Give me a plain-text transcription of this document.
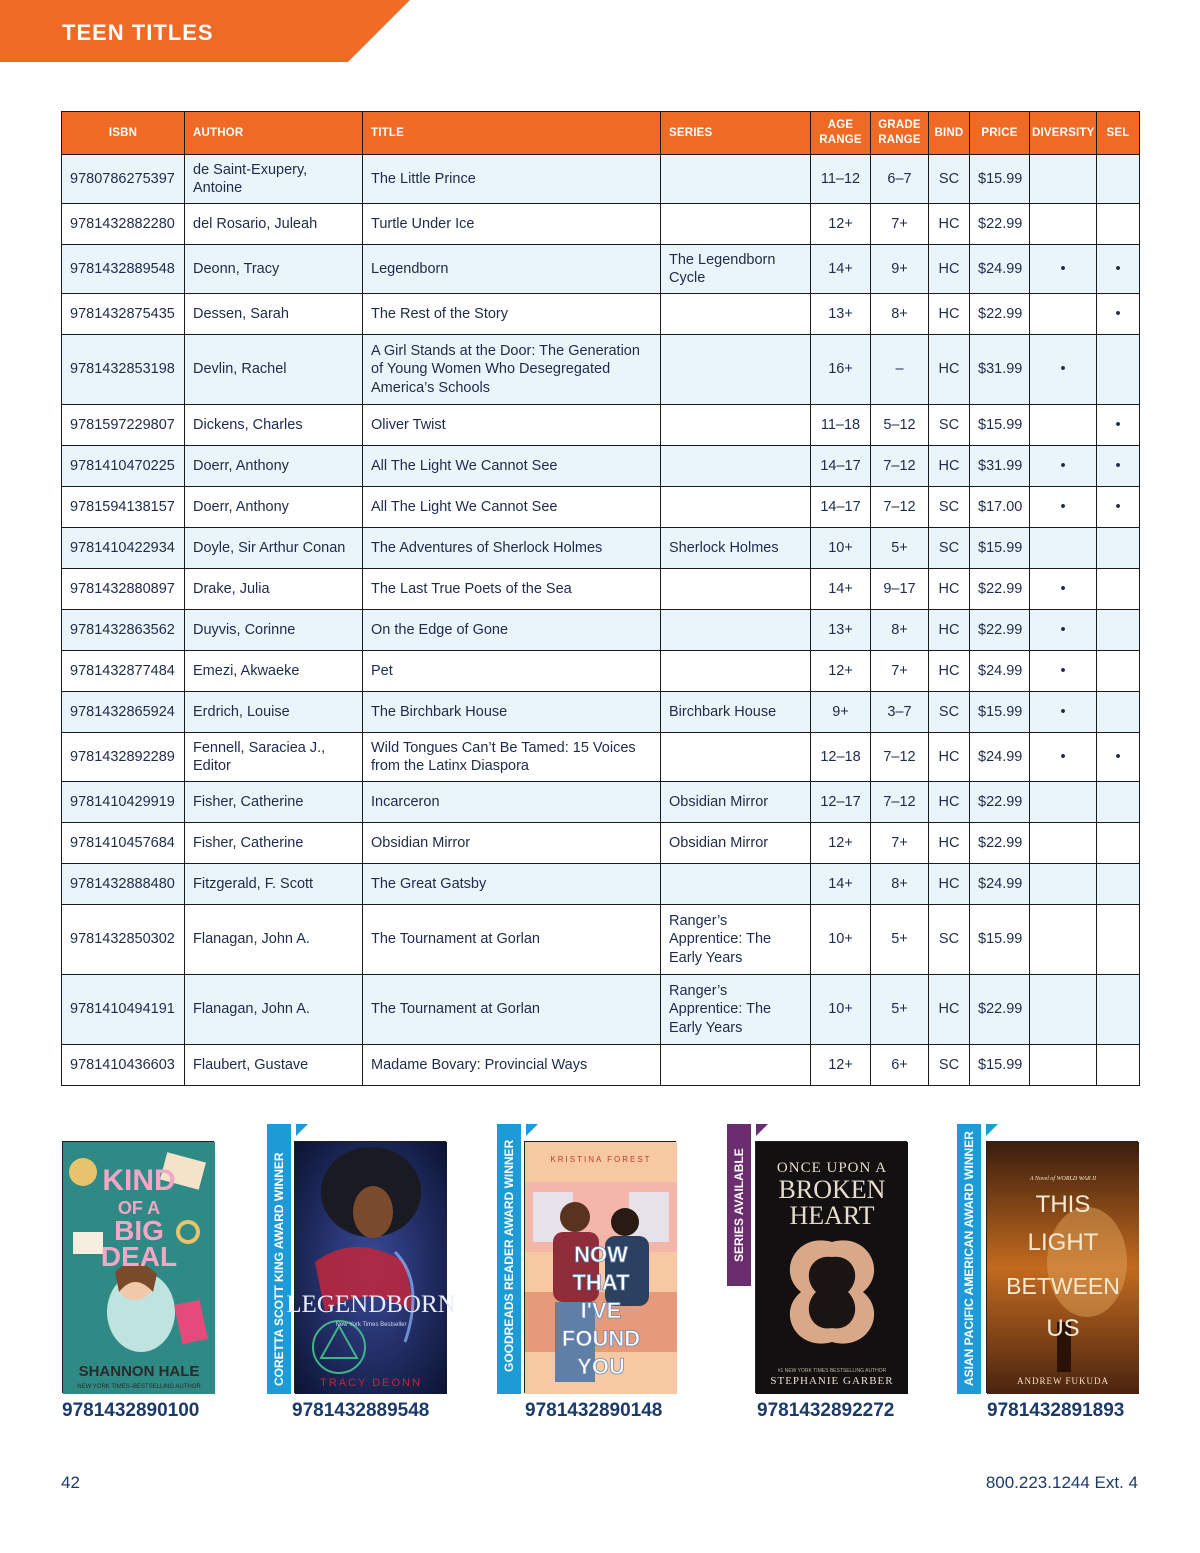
TEEN TITLES
ISBN	AUTHOR	TITLE	SERIES	AGE RANGE	GRADE RANGE	BIND	PRICE	DIVERSITY	SEL
9780786275397	de Saint-Exupery, Antoine	The Little Prince		11–12	6–7	SC	$15.99		
9781432882280	del Rosario, Juleah	Turtle Under Ice		12+	7+	HC	$22.99		
9781432889548	Deonn, Tracy	Legendborn	The Legendborn Cycle	14+	9+	HC	$24.99	•	•
9781432875435	Dessen, Sarah	The Rest of the Story		13+	8+	HC	$22.99		•
9781432853198	Devlin, Rachel	A Girl Stands at the Door: The Generation of Young Women Who Desegregated America’s Schools		16+	–	HC	$31.99	•	
9781597229807	Dickens, Charles	Oliver Twist		11–18	5–12	SC	$15.99		•
9781410470225	Doerr, Anthony	All The Light We Cannot See		14–17	7–12	HC	$31.99	•	•
9781594138157	Doerr, Anthony	All The Light We Cannot See		14–17	7–12	SC	$17.00	•	•
9781410422934	Doyle, Sir Arthur Conan	The Adventures of Sherlock Holmes	Sherlock Holmes	10+	5+	SC	$15.99		
9781432880897	Drake, Julia	The Last True Poets of the Sea		14+	9–17	HC	$22.99	•	
9781432863562	Duyvis, Corinne	On the Edge of Gone		13+	8+	HC	$22.99	•	
9781432877484	Emezi, Akwaeke	Pet		12+	7+	HC	$24.99	•	
9781432865924	Erdrich, Louise	The Birchbark House	Birchbark House	9+	3–7	SC	$15.99	•	
9781432892289	Fennell, Saraciea J., Editor	Wild Tongues Can’t Be Tamed: 15 Voices from the Latinx Diaspora		12–18	7–12	HC	$24.99	•	•
9781410429919	Fisher, Catherine	Incarceron	Obsidian Mirror	12–17	7–12	HC	$22.99		
9781410457684	Fisher, Catherine	Obsidian Mirror	Obsidian Mirror	12+	7+	HC	$22.99		
9781432888480	Fitzgerald, F. Scott	The Great Gatsby		14+	8+	HC	$24.99		
9781432850302	Flanagan, John A.	The Tournament at Gorlan	Ranger’s Apprentice: The Early Years	10+	5+	SC	$15.99		
9781410494191	Flanagan, John A.	The Tournament at Gorlan	Ranger’s Apprentice: The Early Years	10+	5+	HC	$22.99		
9781410436603	Flaubert, Gustave	Madame Bovary: Provincial Ways		12+	6+	SC	$15.99		
KIND
OF A
BIG
DEAL
SHANNON HALE
NEW YORK TIMES–BESTSELLING AUTHOR
9781432890100
CORETTA SCOTT KING AWARD WINNER LEGENDBORN
New York Times Bestseller
TRACY DEONN
9781432889548
GOODREADS READER AWARD WINNER	KRISTINA FOREST
NOW
THAT
I'VE
FOUND
YOU
9781432890148
SERIES AVAILABLE ONCE UPON A
BROKEN
HEART
#1 NEW YORK TIMES BESTSELLING AUTHOR
STEPHANIE GARBER
9781432892272
ASIAN PACIFIC AMERICAN AWARD WINNER	A Novel of WORLD WAR II
THIS
LIGHT
BETWEEN
US
ANDREW FUKUDA
9781432891893
42	800.223.1244 Ext. 4
